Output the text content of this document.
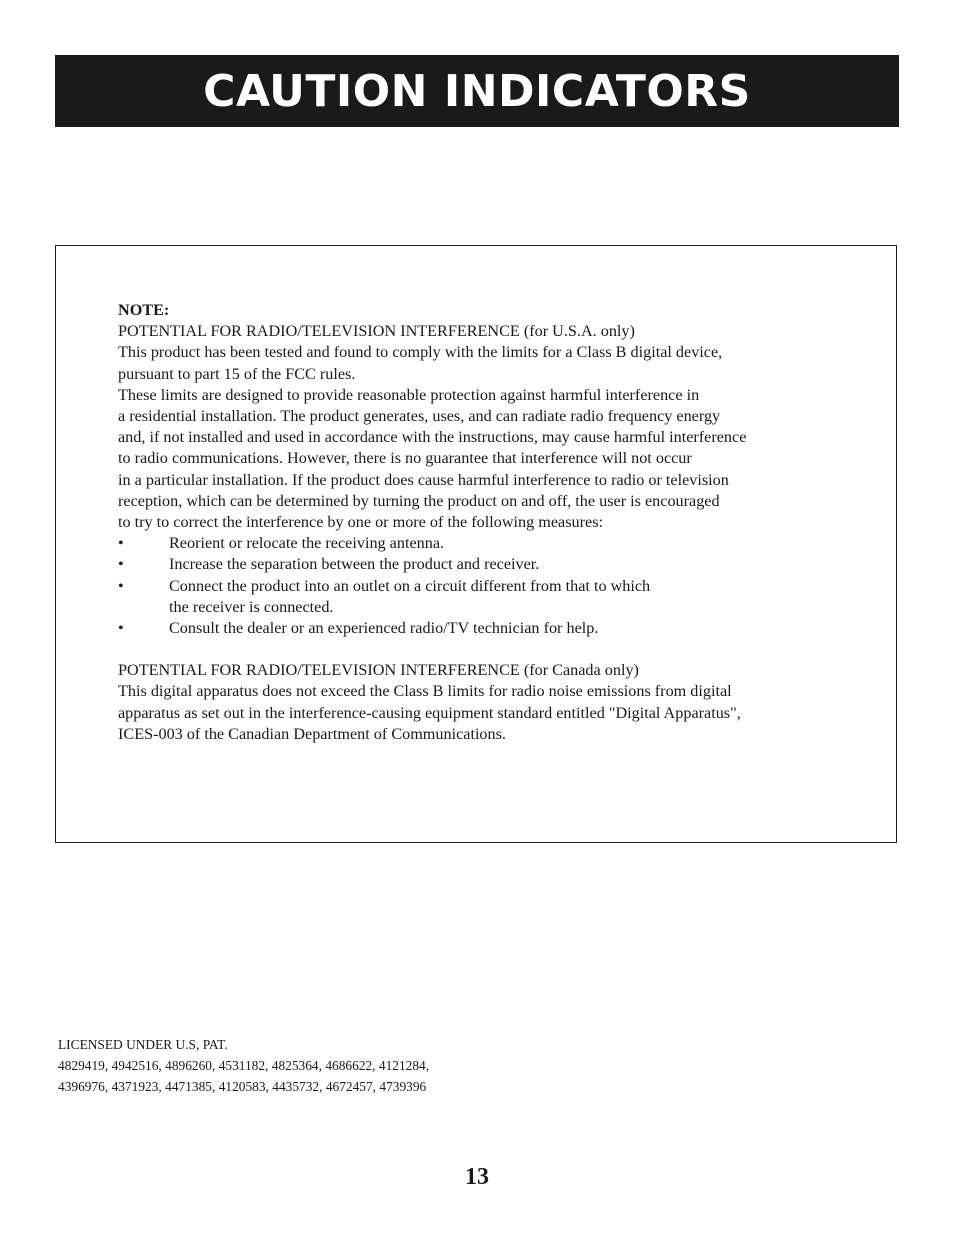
CAUTION INDICATORS

NOTE:

POTENTIAL FOR RADIO/TELEVISION INTERFERENCE (for U.S.A. only)

This product has been tested and found to comply with the limits for a Class B digital device,

pursuant to part 15 of the FCC rules.

These limits are designed to provide reasonable protection against harmful interference in

a residential installation. The product generates, uses, and can radiate radio frequency energy

and, if not installed and used in accordance with the instructions, may cause harmful interference

to radio communications. However, there is no guarantee that interference will not occur

in a particular installation. If the product does cause harmful interference to radio or television

reception, which can be determined by turning the product on and off, the user is encouraged

to try to correct the interference by one or more of the following measures:

•	Reorient or relocate the receiving antenna.
•	Increase the separation between the product and receiver.
•	Connect the product into an outlet on a circuit different from that to which
the receiver is connected.
•	Consult the dealer or an experienced radio/TV technician for help.

POTENTIAL FOR RADIO/TELEVISION INTERFERENCE (for Canada only)

This digital apparatus does not exceed the Class B limits for radio noise emissions from digital

apparatus as set out in the interference-causing equipment standard entitled "Digital Apparatus",

ICES-003 of the Canadian Department of Communications.

LICENSED UNDER U.S, PAT.

4829419, 4942516, 4896260, 4531182, 4825364, 4686622, 4121284,

4396976, 4371923, 4471385, 4120583, 4435732, 4672457, 4739396

13
